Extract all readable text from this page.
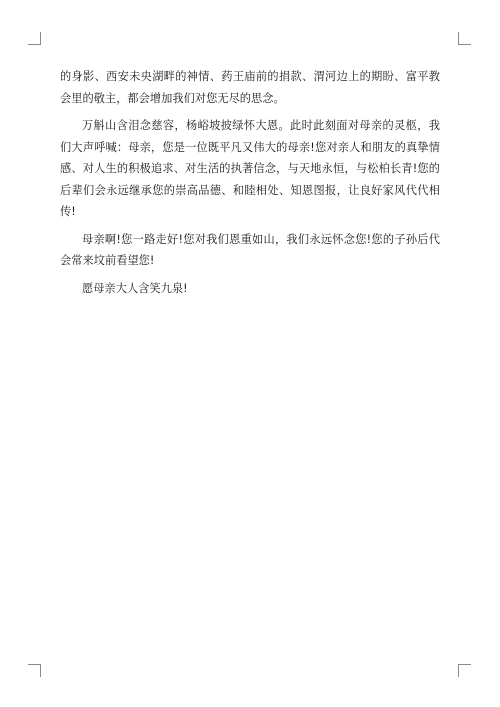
的身影、西安未央湖畔的神情、药王庙前的捐款、渭河边上的期盼、富平教会里的敬主，都会增加我们对您无尽的思念。

万斛山含泪念慈容，杨峪坡披绿怀大恩。此时此刻面对母亲的灵柩，我们大声呼喊：母亲，您是一位既平凡又伟大的母亲!您对亲人和朋友的真挚情感、对人生的积极追求、对生活的执著信念，与天地永恒，与松柏长青!您的后辈们会永远继承您的崇高品德、和睦相处、知恩图报，让良好家风代代相传!

母亲啊!您一路走好!您对我们恩重如山，我们永远怀念您!您的子孙后代会常来坟前看望您!

愿母亲大人含笑九泉!
